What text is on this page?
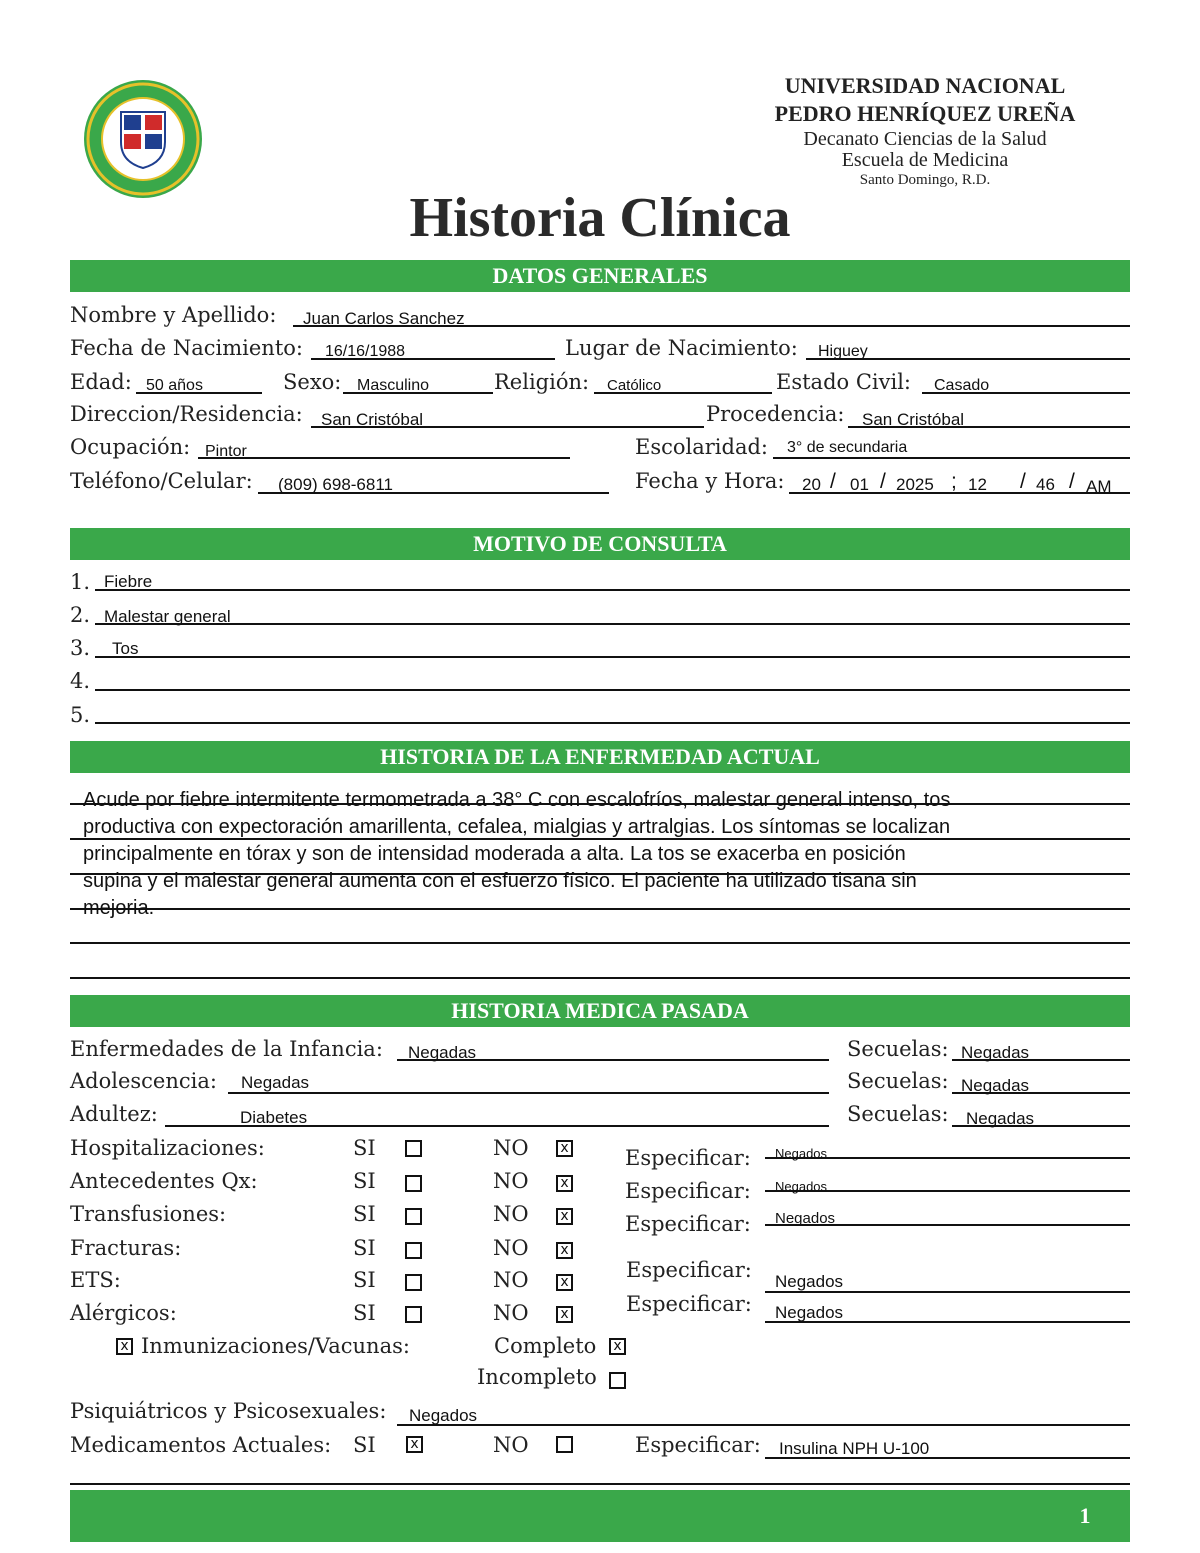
UNIVERSIDAD NACIONAL
PEDRO HENRÍQUEZ UREÑA
Decanato Ciencias de la Salud
Escuela de Medicina
Santo Domingo, R.D.
Historia Clínica
DATOS GENERALES
Nombre y Apellido: Juan Carlos Sanchez
Fecha de Nacimiento: 16/16/1988	Lugar de Nacimiento: Higuey
Edad: 50 años	Sexo: Masculino	Religión: Católico	Estado Civil: Casado
Direccion/Residencia: San Cristóbal	Procedencia: San Cristóbal
Ocupación: Pintor	Escolaridad: 3° de secundaria
Teléfono/Celular: (809) 698-6811	Fecha y Hora: 20 / 01 / 2025 ; 12 / 46 / AM
MOTIVO DE CONSULTA
1. Fiebre
2. Malestar general
3. Tos
4.
5.
HISTORIA DE LA ENFERMEDAD ACTUAL
Acude por fiebre intermitente termometrada a 38° C con escalofríos, malestar general intenso, tos
productiva con expectoración amarillenta, cefalea, mialgias y artralgias. Los síntomas se localizan
principalmente en tórax y son de intensidad moderada a alta. La tos se exacerba en posición
supina y el malestar general aumenta con el esfuerzo físico. El paciente ha utilizado tisana sin
mejoria.
HISTORIA MEDICA PASADA
Enfermedades de la Infancia: Negadas	Secuelas: Negadas
Adolescencia: Negadas	Secuelas: Negadas
Adultez:	Diabetes	Secuelas: Negadas
Hospitalizaciones:	SI	NO	x	Especificar: Negados
Antecedentes Qx:	SI	NO	x	Especificar: Negados
Transfusiones:	SI	NO	x	Especificar: Negados
Fracturas:	SI	NO	x
ETS:	SI	NO	x	Especificar: Negados
Alérgicos:	SI	NO	x	Especificar: Negados
x Inmunizaciones/Vacunas:	Completo	x
Incompleto
Psiquiátricos y Psicosexuales: Negados
Medicamentos Actuales: SI	x	NO	Especificar: Insulina NPH U-100
1
